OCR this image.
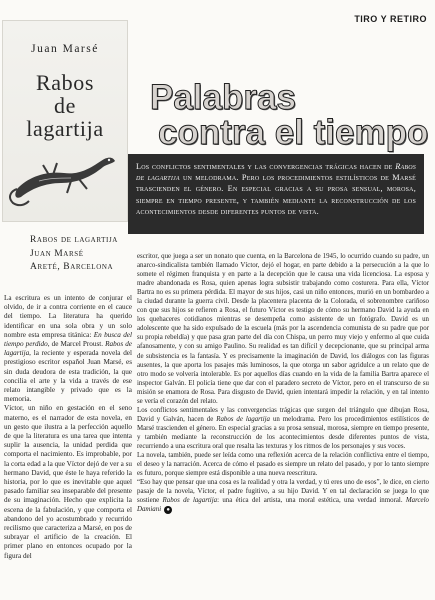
TIRO Y RETIRO
Juan Marsé
Rabos
de
lagartija
Palabras
contra el tiempo
Los conflictos sentimentales y las convergencias trágicas hacen de Rabos de lagartija un melodrama. Pero los procedimientos estilísticos de Marsé trascienden el género. En especial gracias a su prosa sensual, morosa, siempre en tiempo presente, y también mediante la reconstrucción de los acontecimientos desde diferentes puntos de vista.
Rabos de lagartija
Juan Marsé
Areté, Barcelona

La escritura es un intento de conjurar el olvido, de ir a contra corriente en el cauce del tiempo. La literatura ha querido identificar en una sola obra y un solo nombre esta empresa titánica: En busca del tiempo perdido, de Marcel Proust. Rabos de lagartija, la reciente y esperada novela del prestigioso escritor español Juan Marsé, es sin duda deudora de esta tradición, la que concilia el arte y la vida a través de ese relato intangible y privado que es la memoria.

Víctor, un niño en gestación en el seno materno, es el narrador de esta novela, en un gesto que ilustra a la perfección aquello de que la literatura es una tarea que intenta suplir la ausencia, la unidad perdida que comporta el nacimiento. Es improbable, por la corta edad a la que Víctor dejó de ver a su hermano David, que éste le haya referido la historia, por lo que es inevitable que aquel pasado familiar sea inseparable del presente de su imaginación. Hecho que explicita la escena de la fabulación, y que comporta el abandono del yo acostumbrado y recurrido recilismo que caracteriza a Marsé, en pos de subrayar el artificio de la creación. El primer plano en entonces ocupado por la figura del

escritor, que juega a ser un nonato que cuenta, en la Barcelona de 1945, lo ocurrido cuando su padre, un anarco-sindicalista también llamado Víctor, dejó el hogar, en parte debido a la persecución a la que lo somete el régimen franquista y en parte a la decepción que le causa una vida licenciosa. La esposa y madre abandonada es Rosa, quien apenas logra subsistir trabajando como costurera. Para ella, Víctor Bartra no es su primera pérdida. El mayor de sus hijos, casi un niño entonces, murió en un bombardeo a la ciudad durante la guerra civil. Desde la placentera placenta de la Colorada, el sobrenombre cariñoso con que sus hijos se refieren a Rosa, el futuro Víctor es testigo de cómo su hermano David la ayuda en los quehaceres cotidianos mientras se desempeña como asistente de un fotógrafo. David es un adolescente que ha sido expulsado de la escuela (más por la ascendencia comunista de su padre que por su propia rebeldía) y que pasa gran parte del día con Chispa, un perro muy viejo y enfermo al que cuida afanosamente, y con su amigo Paulino. Su realidad es tan difícil y decepcionante, que su principal arma de subsistencia es la fantasía. Y es precisamente la imaginación de David, los diálogos con las figuras ausentes, la que aporta los pasajes más luminosos, la que otorga un sabor agridulce a un relato que de otro modo se volvería intolerable. Es por aquellos días cuando en la vida de la familia Bartra aparece el inspector Galván. El policía tiene que dar con el paradero secreto de Víctor, pero en el transcurso de su misión se enamora de Rosa. Para disgusto de David, quien intentará impedir la relación, y en tal intento se vería el corazón del relato.

Los conflictos sentimentales y las convergencias trágicas que surgen del triángulo que dibujan Rosa, David y Galván, hacen de Rabos de lagartija un melodrama. Pero los procedimientos estilísticos de Marsé trascienden el género. En especial gracias a su prosa sensual, morosa, siempre en tiempo presente, y también mediante la reconstrucción de los acontecimientos desde diferentes puntos de vista, recurriendo a una escritura oral que resalta las texturas y los ritmos de los personajes y sus voces.

La novela, también, puede ser leída como una reflexión acerca de la relación conflictiva entre el tiempo, el deseo y la narración. Acerca de cómo el pasado es siempre un relato del pasado, y por lo tanto siempre es futuro, porque siempre está disponible a una nueva reescritura.

“Eso hay que pensar que una cosa es la realidad y otra la verdad, y tú eres uno de esos”, le dice, en cierto pasaje de la novela, Víctor, el padre fugitivo, a su hijo David. Y en tal declaración se juega lo que sostiene Rabos de lagartija: una ética del artista, una moral estética, una verdad inmoral. Marcelo Damiani ●
